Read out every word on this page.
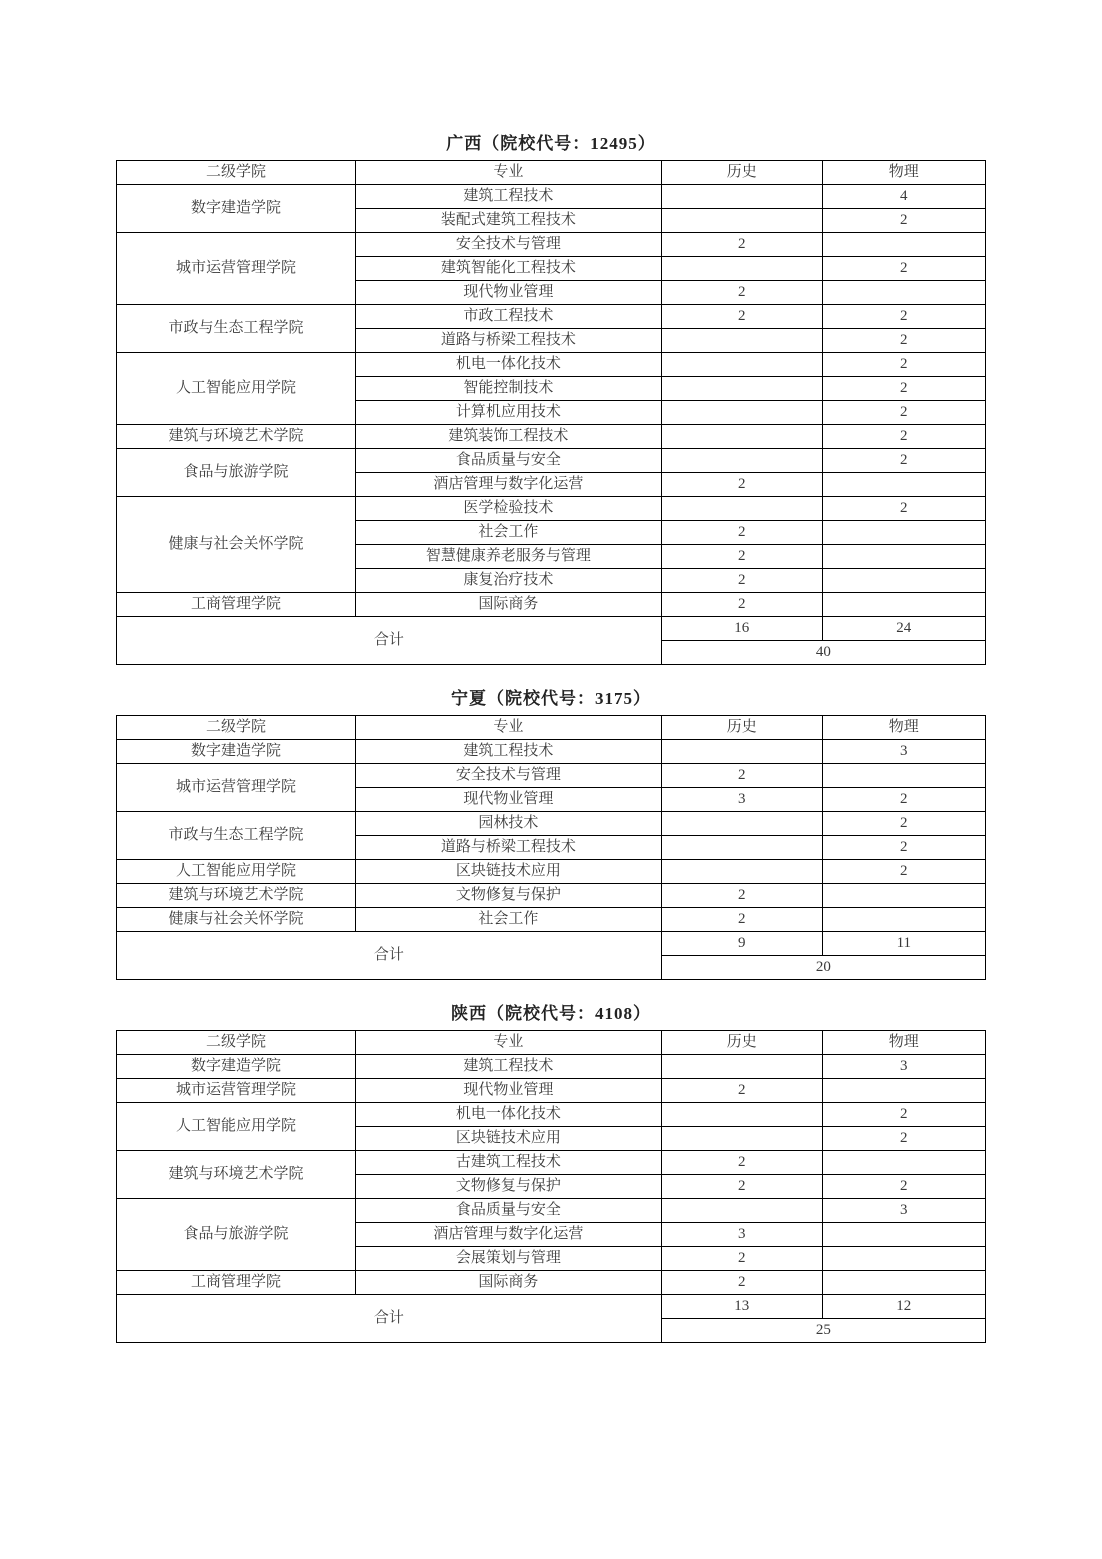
广西（院校代号：12495）
二级学院	专业	历史	物理
数字建造学院	建筑工程技术		4
	装配式建筑工程技术		2
城市运营管理学院	安全技术与管理	2	
	建筑智能化工程技术		2
	现代物业管理	2	
市政与生态工程学院	市政工程技术	2	2
	道路与桥梁工程技术		2
人工智能应用学院	机电一体化技术		2
	智能控制技术		2
	计算机应用技术		2
建筑与环境艺术学院	建筑装饰工程技术		2
食品与旅游学院	食品质量与安全		2
	酒店管理与数字化运营	2	
健康与社会关怀学院	医学检验技术		2
	社会工作	2	
	智慧健康养老服务与管理	2	
	康复治疗技术	2	
工商管理学院	国际商务	2	
合计		16	24
		40	
宁夏（院校代号：3175）
二级学院	专业	历史	物理
数字建造学院	建筑工程技术		3
城市运营管理学院	安全技术与管理	2	
	现代物业管理	3	2
市政与生态工程学院	园林技术		2
	道路与桥梁工程技术		2
人工智能应用学院	区块链技术应用		2
建筑与环境艺术学院	文物修复与保护	2	
健康与社会关怀学院	社会工作	2	
合计		9	11
		20	
陕西（院校代号：4108）
二级学院	专业	历史	物理
数字建造学院	建筑工程技术		3
城市运营管理学院	现代物业管理	2	
人工智能应用学院	机电一体化技术		2
	区块链技术应用		2
建筑与环境艺术学院	古建筑工程技术	2	
	文物修复与保护	2	2
食品与旅游学院	食品质量与安全		3
	酒店管理与数字化运营	3	
	会展策划与管理	2	
工商管理学院	国际商务	2	
合计		13	12
		25	
